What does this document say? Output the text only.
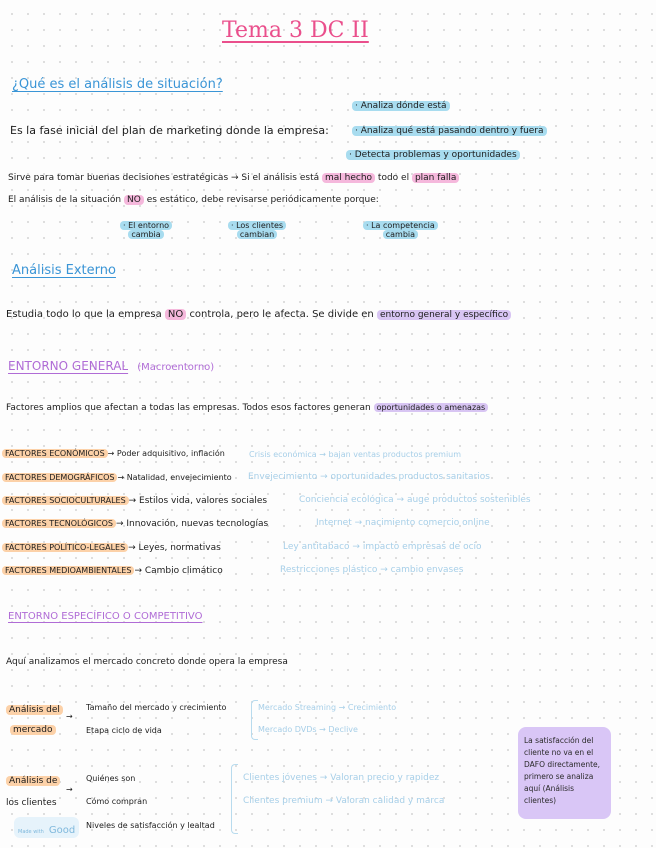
Tema 3 DC II
¿Qué es el análisis de situación?
· Analiza dónde está
Es la fase inicial del plan de marketing donde la empresa:	· Analiza qué está pasando dentro y fuera
· Detecta problemas y oportunidades
Sirve para tomar buenas decisiones estratégicas → Si el análisis está mal hecho todo el plan falla
El análisis de la situación NO es estático, debe revisarse periódicamente porque:
· El entorno
cambia
· Los clientes
cambian
· La competencia
cambia
Análisis Externo
Estudia todo lo que la empresa NO controla, pero le afecta. Se divide en entorno general y específico
ENTORNO GENERAL (Macroentorno)
Factores amplios que afectan a todas las empresas. Todos esos factores generan oportunidades o amenazas
FACTORES ECONÓMICOS → Poder adquisitivo, inflación	Crisis económica → bajan ventas productos premium
FACTORES DEMOGRÁFICOS → Natalidad, envejecimiento Envejecimiento → oportunidades productos sanitarios
FACTORES SOCIOCULTURALES → Estilos vida, valores sociales	Conciencia ecológica → auge productos sostenibles
FACTORES TECNOLÓGICOS → Innovación, nuevas tecnologías	Internet → nacimiento comercio online
FACTORES POLÍTICO-LEGALES → Leyes, normativas	Ley antitabaco → impacto empresas de ocio
FACTORES MEDIOAMBIENTALES → Cambio climático	Restricciones plástico → cambio envases
ENTORNO ESPECÍFICO O COMPETITIVO
Aquí analizamos el mercado concreto donde opera la empresa
Análisis del
mercado
→
Tamaño del mercado y crecimiento
Etapa ciclo de vida
Mercado Streaming → Crecimiento
Mercado DVDs → Declive
Análisis de
los clientes
→
Quiénes son
Cómo compran
Niveles de satisfacción y lealtad
Clientes jóvenes → Valoran precio y rapidez
Clientes premium → Valoran calidad y marca
La satisfacción del cliente no va en el DAFO directamente, primero se analiza aquí (Análisis clientes)
Made with Good
